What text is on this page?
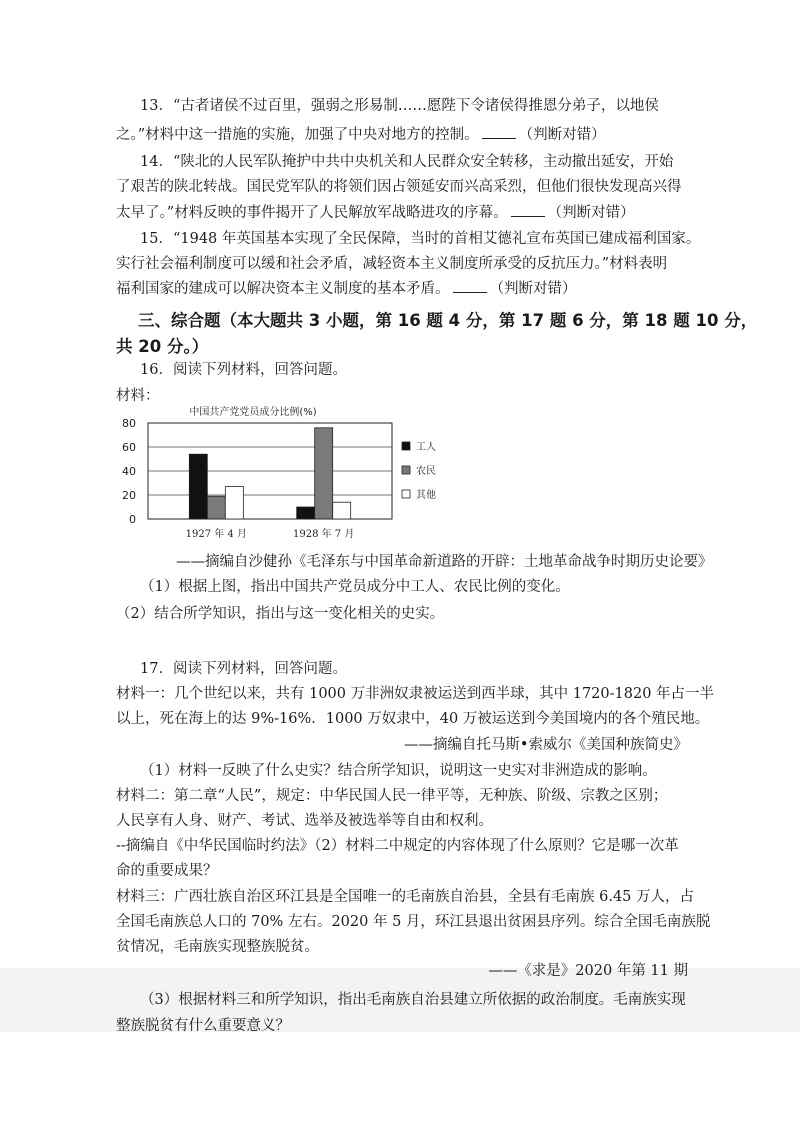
13．“古者诸侯不过百里，强弱之形易制……愿陛下令诸侯得推恩分弟子，以地侯
之。”材料中这一措施的实施，加强了中央对地方的控制。	（判断对错）
14．“陕北的人民军队掩护中共中央机关和人民群众安全转移，主动撤出延安，开始
了艰苦的陕北转战。国民党军队的将领们因占领延安而兴高采烈，但他们很快发现高兴得
太早了。”材料反映的事件揭开了人民解放军战略进攻的序幕。	（判断对错）
15．“1948 年英国基本实现了全民保障，当时的首相艾德礼宣布英国已建成福利国家。
实行社会福利制度可以缓和社会矛盾，减轻资本主义制度所承受的反抗压力。”材料表明
福利国家的建成可以解决资本主义制度的基本矛盾。	（判断对错）
三、综合题（本大题共 3 小题，第 16 题 4 分，第 17 题 6 分，第 18 题 10 分，
共 20 分。）
16．阅读下列材料，回答问题。
材料：
中国共产党党员成分比例(%)
0
20
40
60
80
1927 年 4 月	1928 年 7 月
工人
农民
其他
——摘编自沙健孙《毛泽东与中国革命新道路的开辟：土地革命战争时期历史论要》
（1）根据上图，指出中国共产党员成分中工人、农民比例的变化。
（2）结合所学知识，指出与这一变化相关的史实。
17．阅读下列材料，回答问题。
材料一：几个世纪以来，共有 1000 万非洲奴隶被运送到西半球，其中 1720-1820 年占一半
以上，死在海上的达 9%-16%．1000 万奴隶中，40 万被运送到今美国境内的各个殖民地。
——摘编自托马斯•索威尔《美国种族简史》
（1）材料一反映了什么史实？结合所学知识，说明这一史实对非洲造成的影响。
材料二：第二章“人民”，规定：中华民国人民一律平等，无种族、阶级、宗教之区别；
人民享有人身、财产、考试、选举及被选举等自由和权利。
--摘编自《中华民国临时约法》（2）材料二中规定的内容体现了什么原则？它是哪一次革
命的重要成果？
材料三：广西壮族自治区环江县是全国唯一的毛南族自治县，全县有毛南族 6.45 万人，占
全国毛南族总人口的 70% 左右。2020 年 5 月，环江县退出贫困县序列。综合全国毛南族脱
贫情况，毛南族实现整族脱贫。
——《求是》2020 年第 11 期
（3）根据材料三和所学知识，指出毛南族自治县建立所依据的政治制度。毛南族实现
整族脱贫有什么重要意义？
